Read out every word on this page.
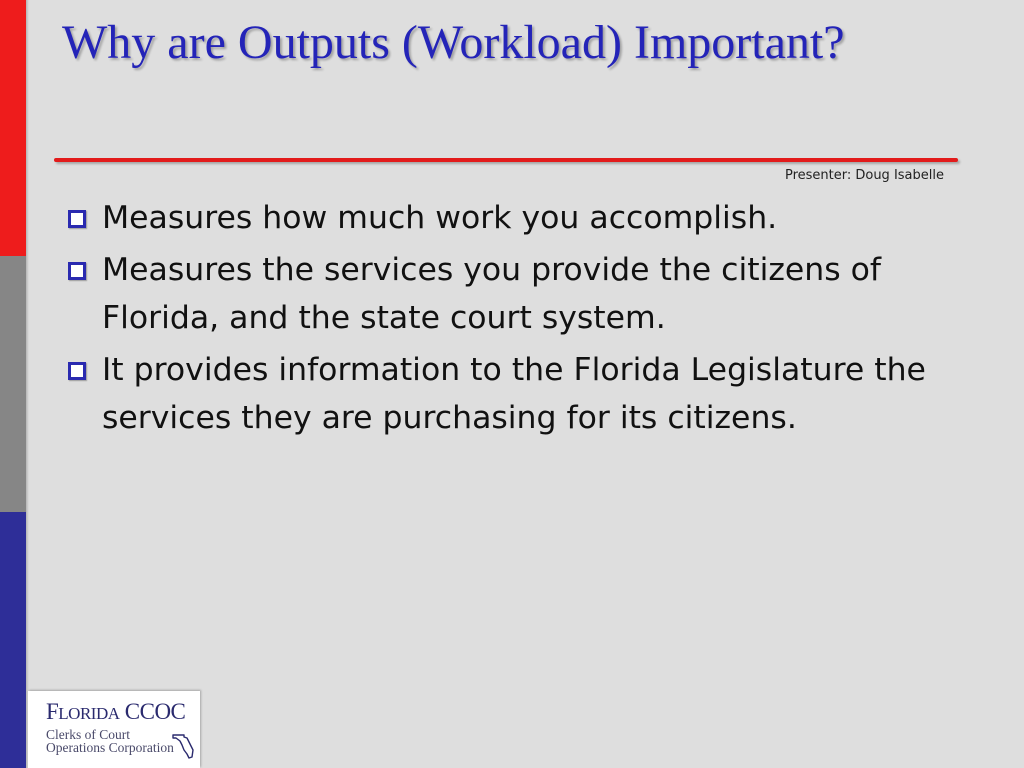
Why are Outputs (Workload) Important?
Presenter: Doug Isabelle
Measures how much work you accomplish.
Measures the services you provide the citizens of Florida, and the state court system.
It provides information to the Florida Legislature the services they are purchasing for its citizens.
FLORIDA CCOC
Clerks of Court
Operations Corporation
